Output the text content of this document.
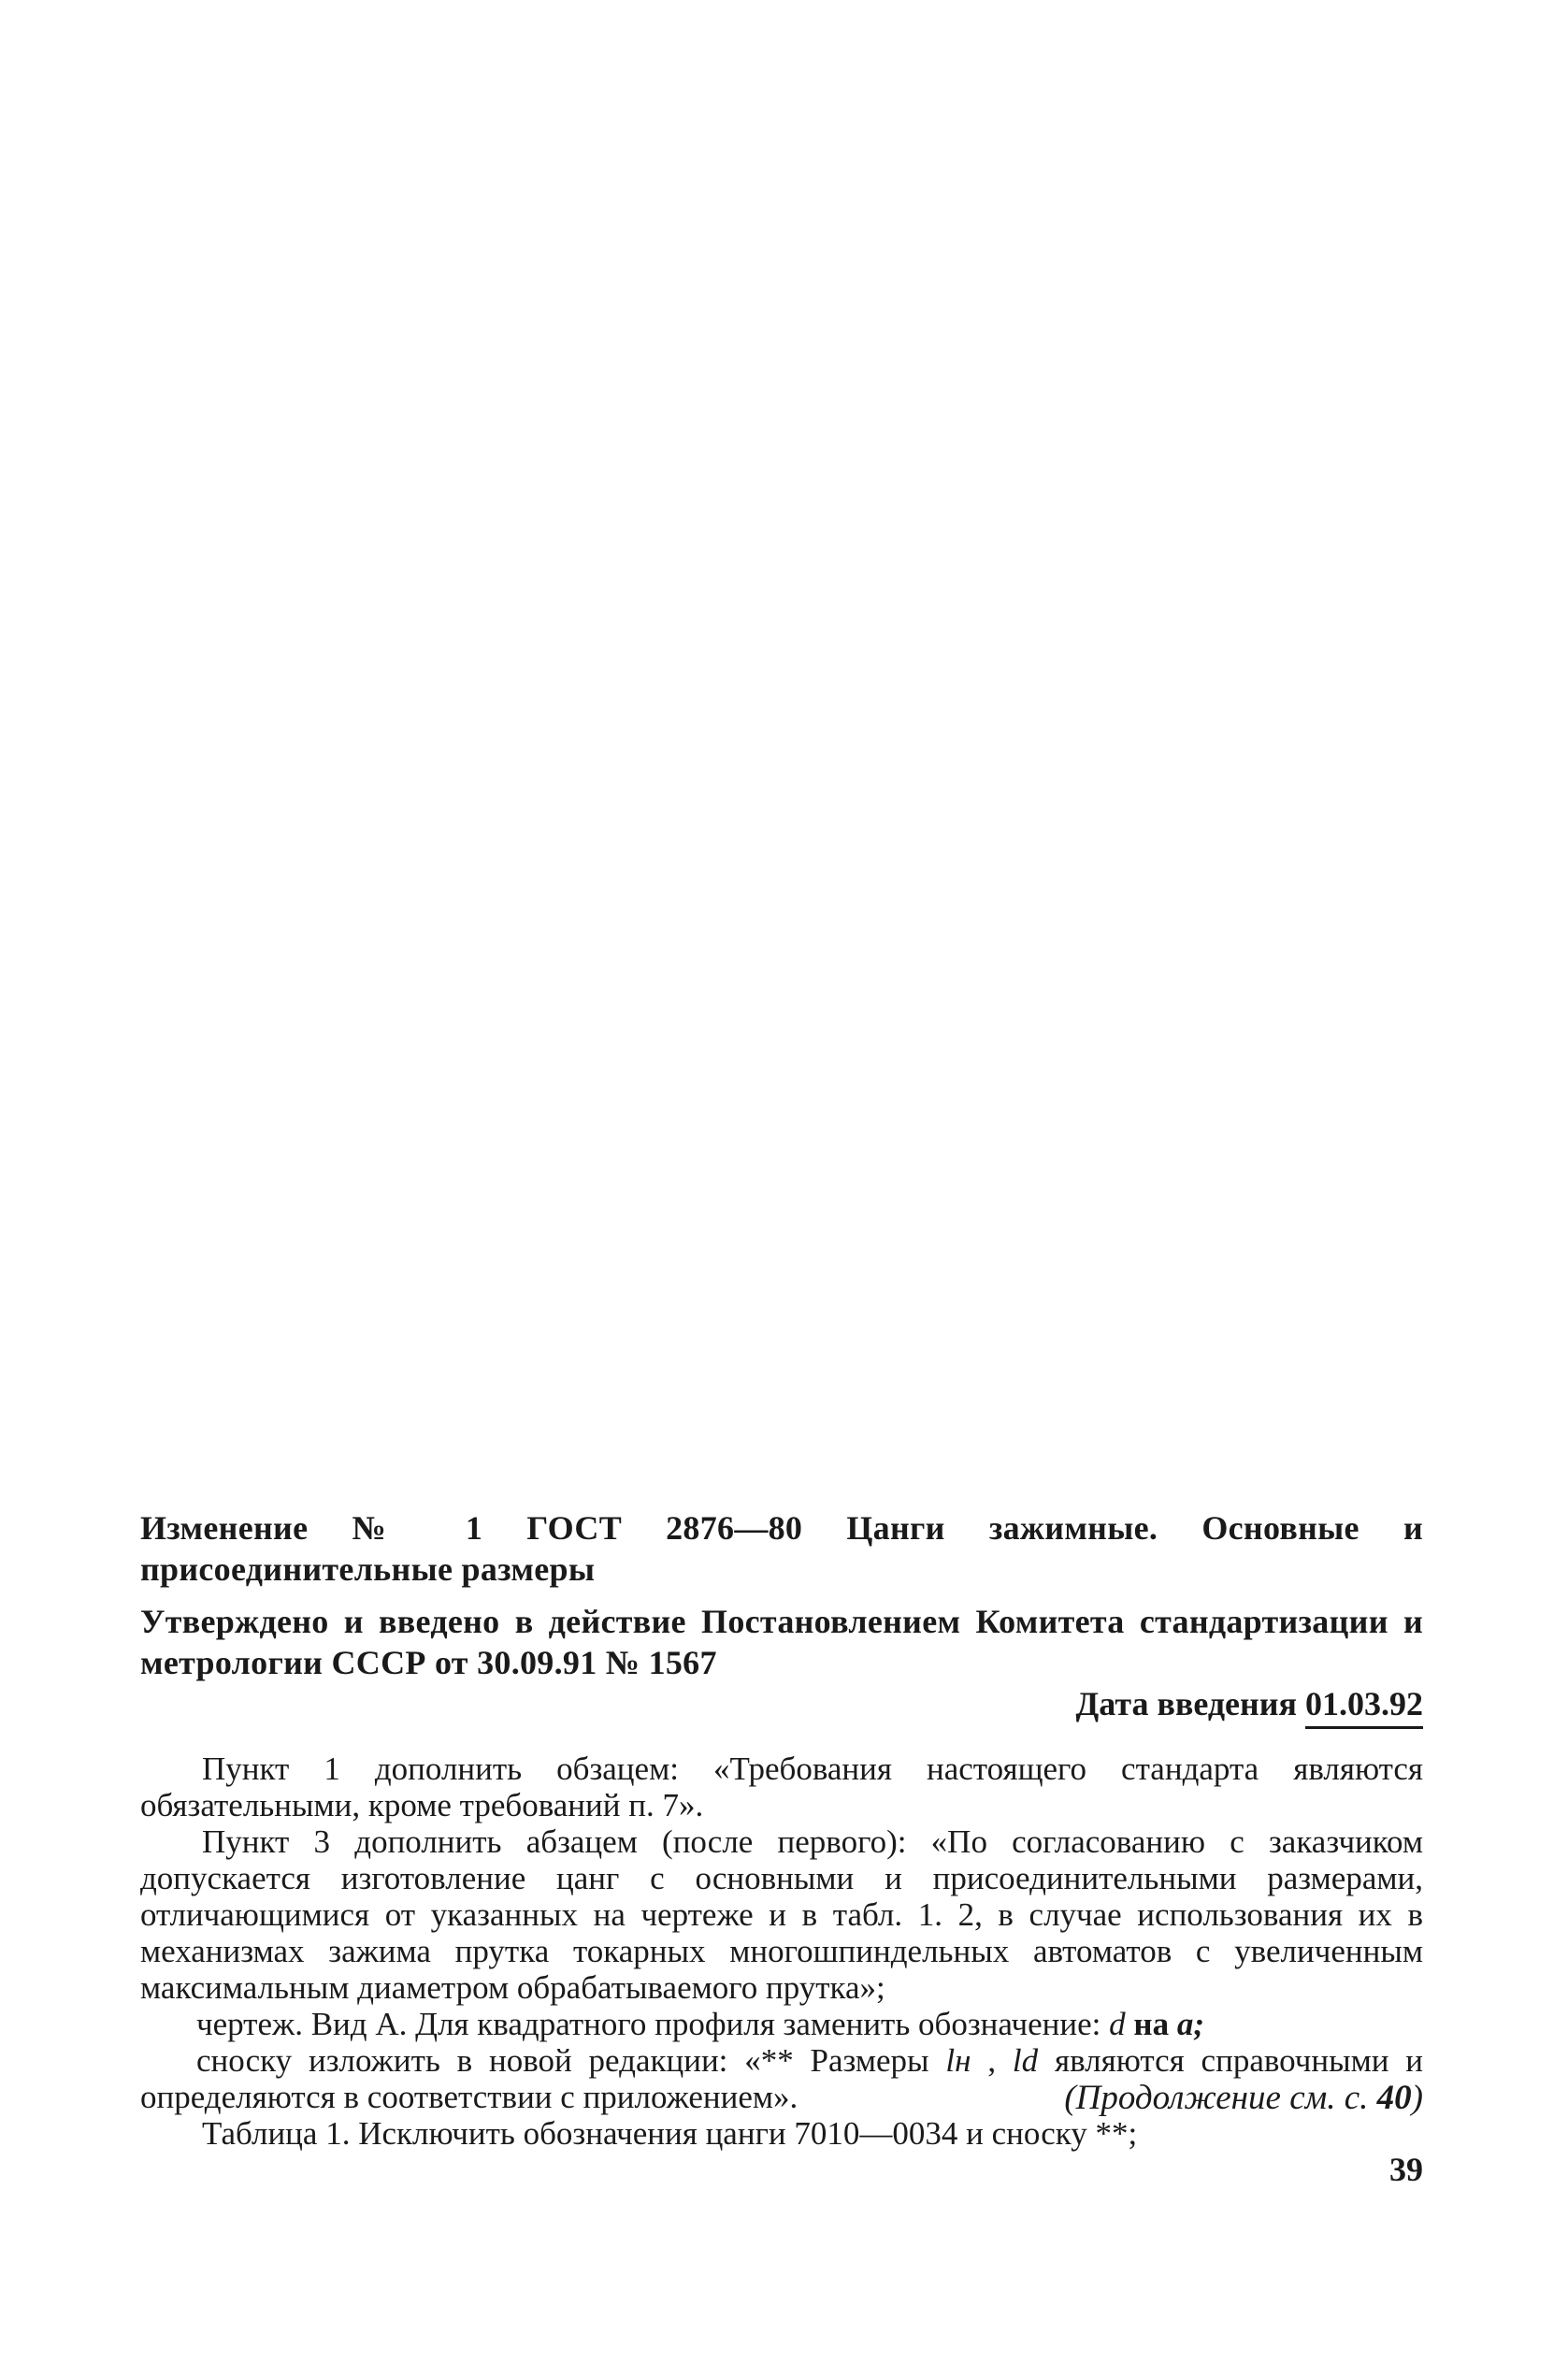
Изменение № 1 ГОСТ 2876—80 Цанги зажимные. Основные и присоединительные размеры
Утверждено и введено в действие Постановлением Комитета стандартизации и метрологии СССР от 30.09.91 № 1567
Дата введения 01.03.92

Пункт 1 дополнить обзацем: «Требования настоящего стандарта являются обязательными, кроме требований п. 7».

Пункт 3 дополнить абзацем (после первого): «По согласованию с заказчиком допускается изготовление цанг с основными и присоединительными размерами, отличающимися от указанных на чертеже и в табл. 1. 2, в случае использования их в механизмах зажима прутка токарных многошпиндельных автоматов с увеличенным максимальным диаметром обрабатываемого прутка»;

чертеж. Вид А. Для квадратного профиля заменить обозначение: d на a;

сноску изложить в новой редакции: «** Размеры lн , ld являются справочными и определяются в соответствии с приложением».

Таблица 1. Исключить обозначения цанги 7010—0034 и сноску **;

(Продолжение см. с. 40)
39
